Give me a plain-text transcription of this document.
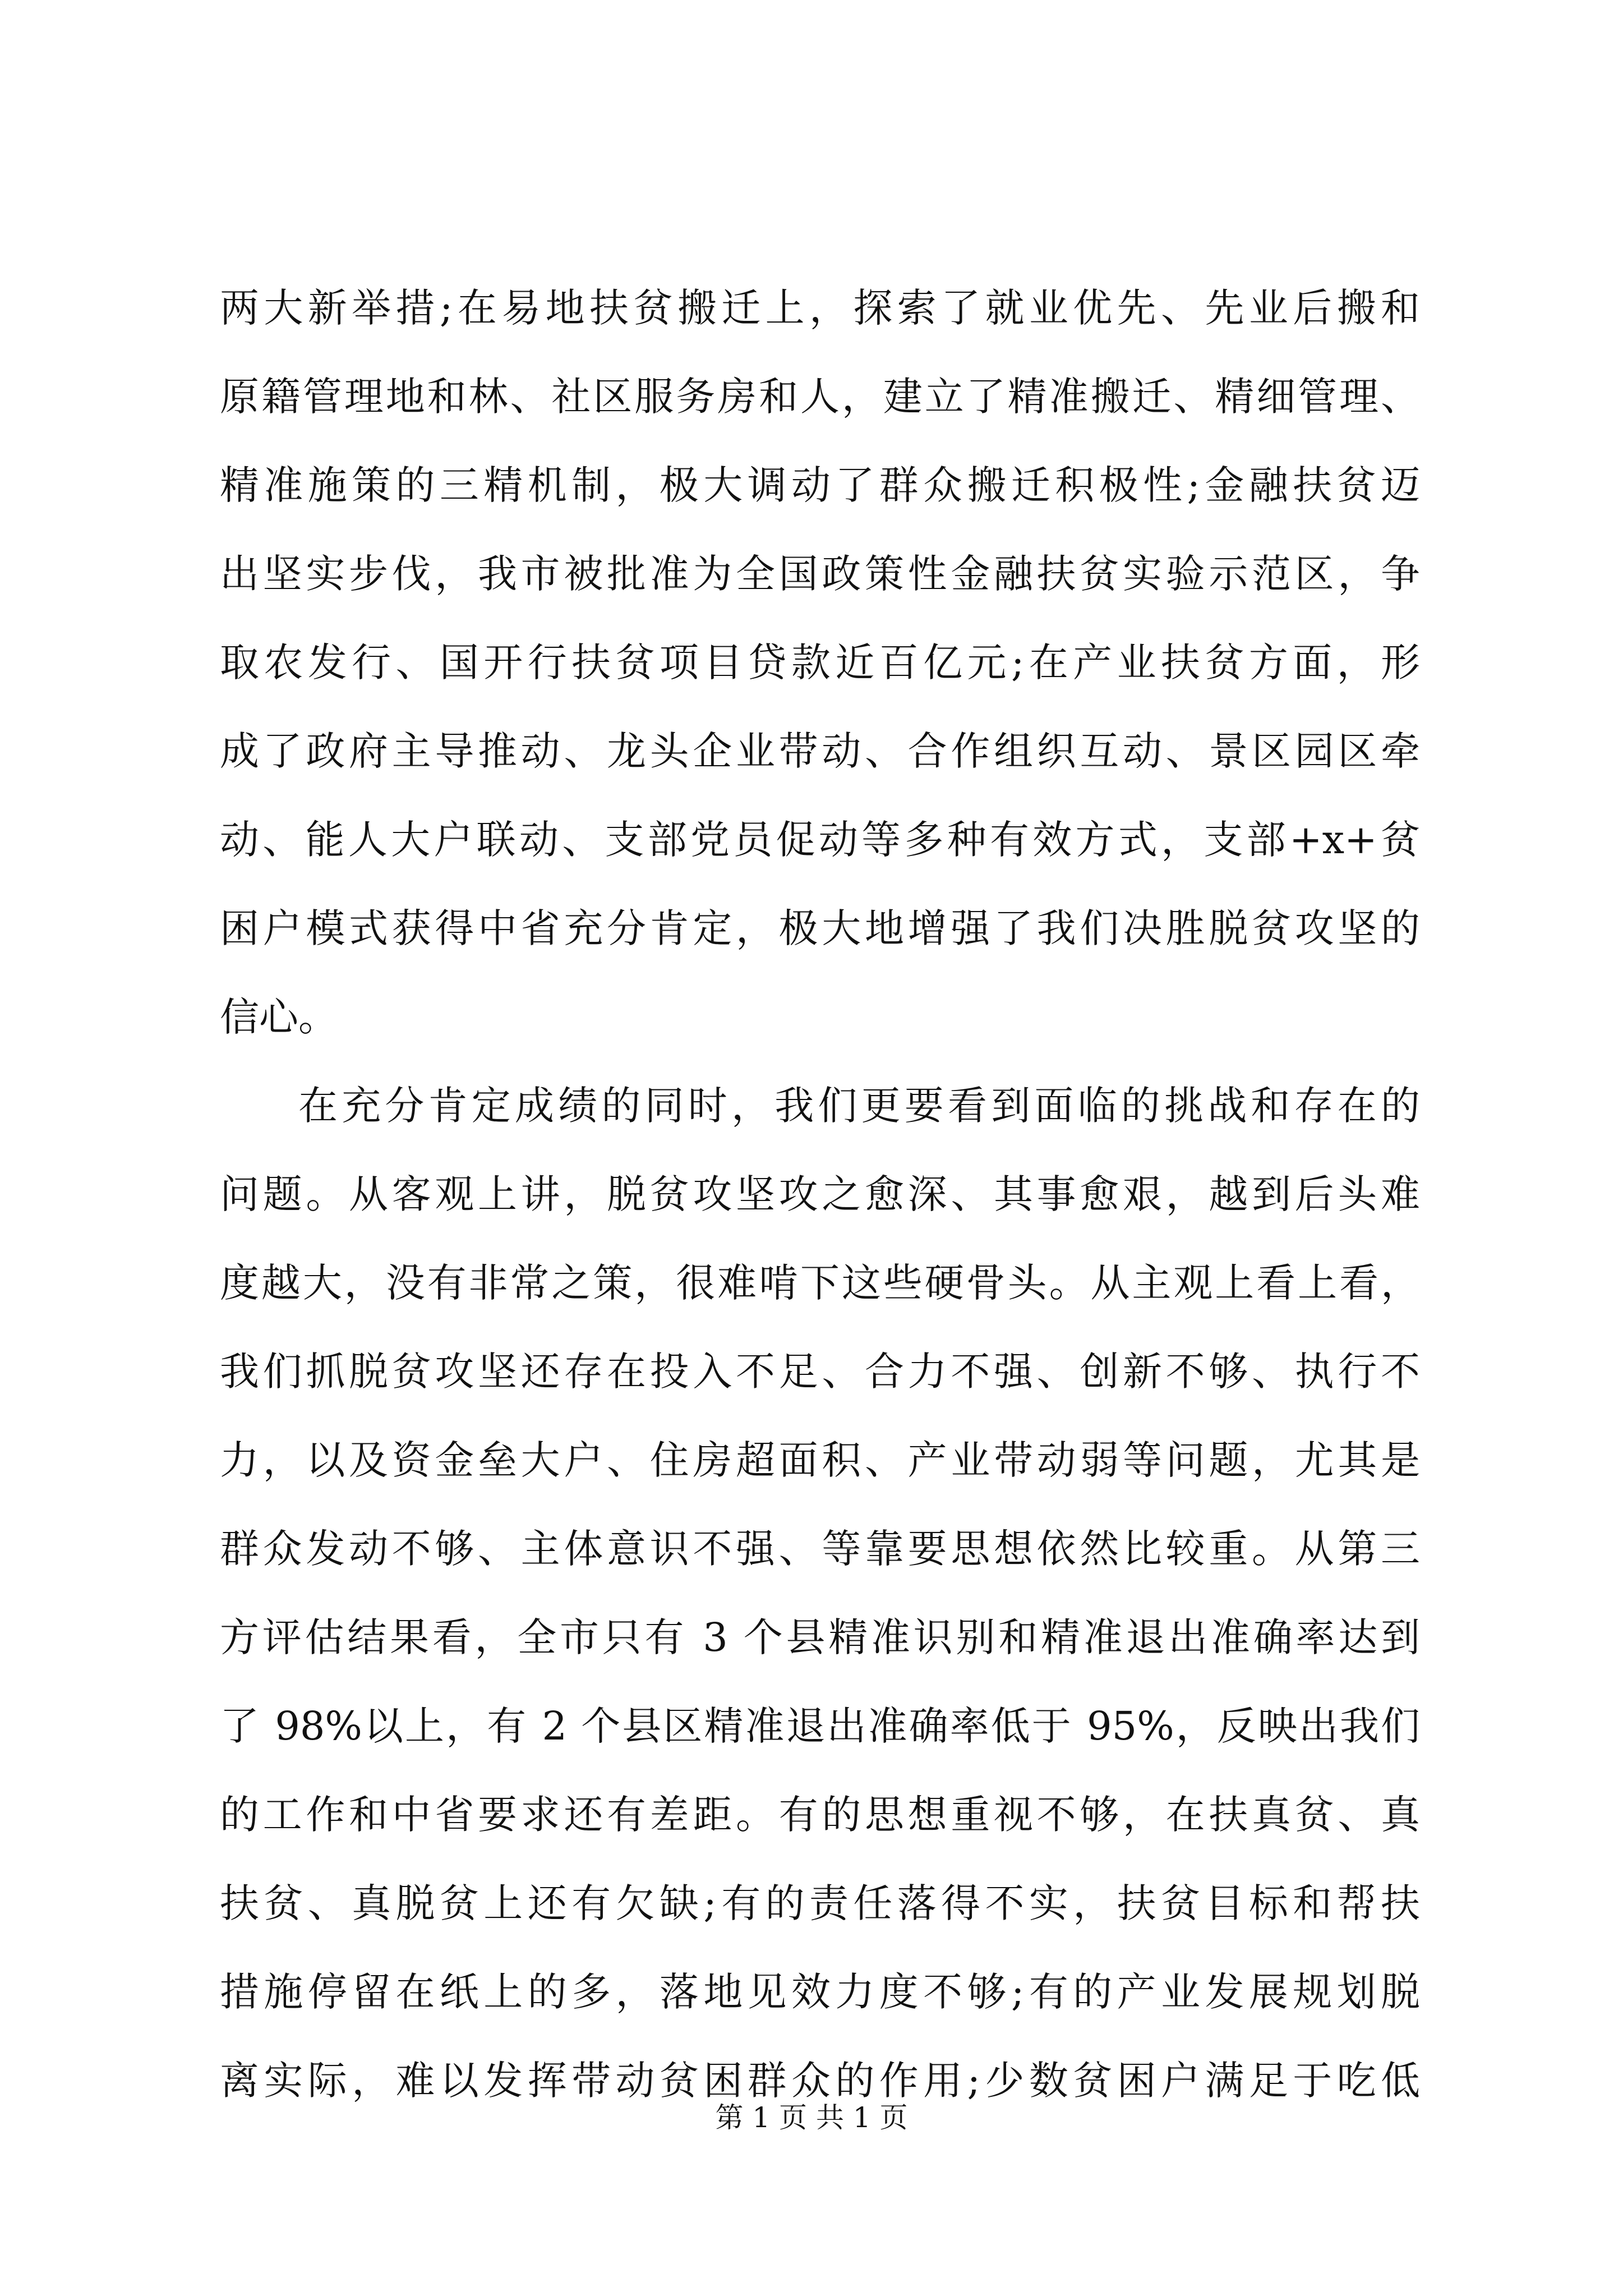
两大新举措;在易地扶贫搬迁上，探索了就业优先、先业后搬和
原籍管理地和林、社区服务房和人，建立了精准搬迁、精细管理、
精准施策的三精机制，极大调动了群众搬迁积极性;金融扶贫迈
出坚实步伐，我市被批准为全国政策性金融扶贫实验示范区，争
取农发行、国开行扶贫项目贷款近百亿元;在产业扶贫方面，形
成了政府主导推动、龙头企业带动、合作组织互动、景区园区牵
动、能人大户联动、支部党员促动等多种有效方式，支部+x+贫
困户模式获得中省充分肯定，极大地增强了我们决胜脱贫攻坚的
信心。
在充分肯定成绩的同时，我们更要看到面临的挑战和存在的
问题。从客观上讲，脱贫攻坚攻之愈深、其事愈艰，越到后头难
度越大，没有非常之策，很难啃下这些硬骨头。从主观上看上看，
我们抓脱贫攻坚还存在投入不足、合力不强、创新不够、执行不
力，以及资金垒大户、住房超面积、产业带动弱等问题，尤其是
群众发动不够、主体意识不强、等靠要思想依然比较重。从第三
方评估结果看，全市只有 3 个县精准识别和精准退出准确率达到
了 98%以上，有 2 个县区精准退出准确率低于 95%，反映出我们
的工作和中省要求还有差距。有的思想重视不够，在扶真贫、真
扶贫、真脱贫上还有欠缺;有的责任落得不实，扶贫目标和帮扶
措施停留在纸上的多，落地见效力度不够;有的产业发展规划脱
离实际，难以发挥带动贫困群众的作用;少数贫困户满足于吃低
第 1 页 共 1 页
